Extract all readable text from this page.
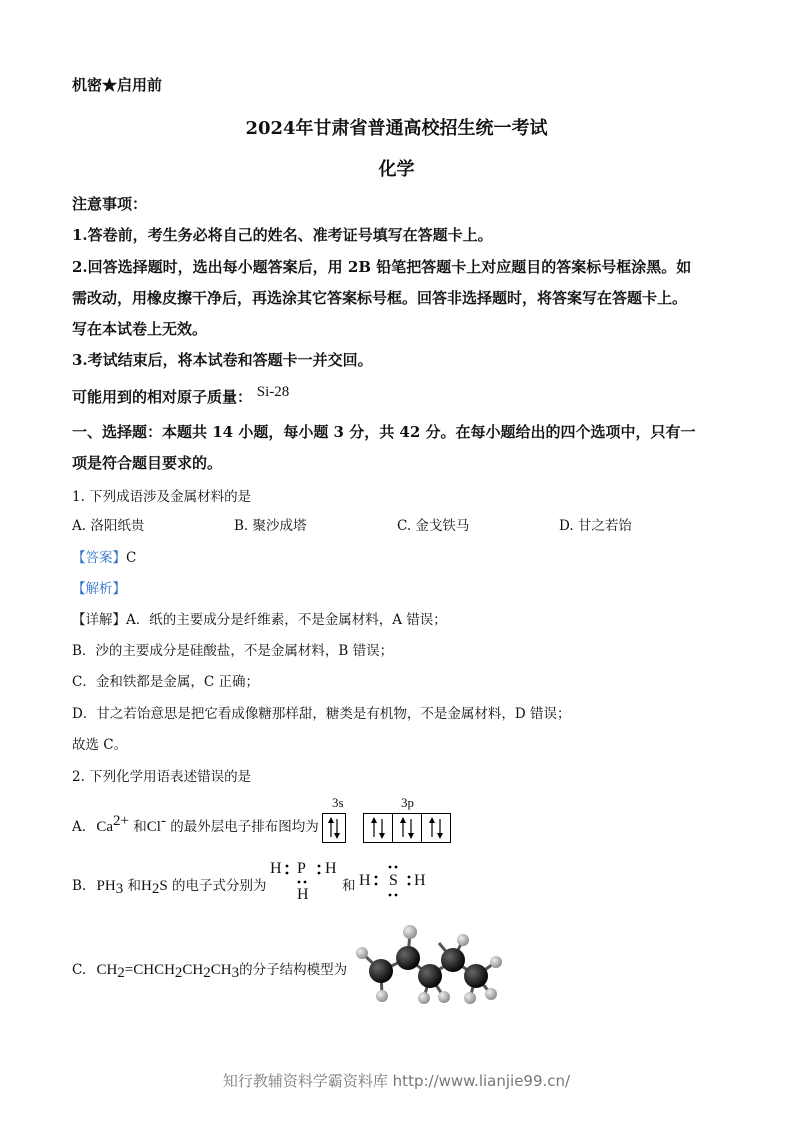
机密★启用前
2024年甘肃省普通高校招生统一考试
化学
注意事项：
1.答卷前，考生务必将自己的姓名、准考证号填写在答题卡上。
2.回答选择题时，选出每小题答案后，用 2B 铅笔把答题卡上对应题目的答案标号框涂黑。如
需改动，用橡皮擦干净后，再选涂其它答案标号框。回答非选择题时，将答案写在答题卡上。
写在本试卷上无效。
3.考试结束后，将本试卷和答题卡一并交回。
可能用到的相对原子质量： Si-28
一、选择题：本题共 14 小题，每小题 3 分，共 42 分。在每小题给出的四个选项中，只有一
项是符合题目要求的。
1. 下列成语涉及金属材料的是
A. 洛阳纸贵	B. 聚沙成塔	C. 金戈铁马	D. 甘之若饴
【答案】C
【解析】
【详解】A．纸的主要成分是纤维素，不是金属材料，A 错误；
B．沙的主要成分是硅酸盐，不是金属材料，B 错误；
C．金和铁都是金属，C 正确；
D．甘之若饴意思是把它看成像糖那样甜，糖类是有机物，不是金属材料，D 错误；
故选 C。
2. 下列化学用语表述错误的是
A. Ca2+ 和Cl- 的最外层电子排布图均为
3s	3p
B. PH3 和H2S 的电子式分别为
H P H
H 和 H S H
C. CH2=CHCH2CH2CH3的分子结构模型为
知行教辅资料学霸资料库 http://www.lianjie99.cn/
